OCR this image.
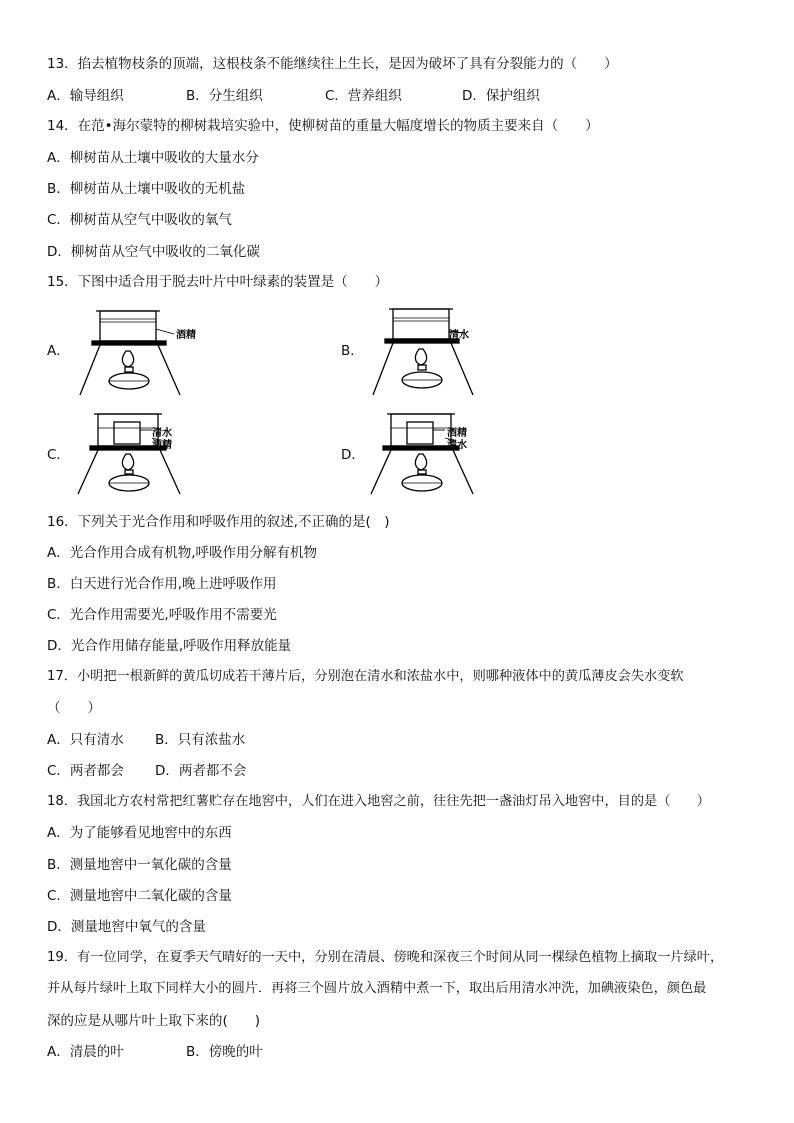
13．掐去植物枝条的顶端，这根枝条不能继续往上生长，是因为破坏了具有分裂能力的（　　）
A．输导组织	B．分生组织	C．营养组织	D．保护组织
14．在范•海尔蒙特的柳树栽培实验中，使柳树苗的重量大幅度增长的物质主要来自（　　）
A．柳树苗从土壤中吸收的大量水分
B．柳树苗从土壤中吸收的无机盐
C．柳树苗从空气中吸收的氧气
D．柳树苗从空气中吸收的二氧化碳
15．下图中适合用于脱去叶片中叶绿素的装置是（　　）
A．	B．
C．	D．
酒精	清水
清水
酒精
酒精
清水
16．下列关于光合作用和呼吸作用的叙述,不正确的是(　)
A．光合作用合成有机物,呼吸作用分解有机物
B．白天进行光合作用,晚上进呼吸作用
C．光合作用需要光,呼吸作用不需要光
D．光合作用储存能量,呼吸作用释放能量
17．小明把一根新鲜的黄瓜切成若干薄片后，分别泡在清水和浓盐水中，则哪种液体中的黄瓜薄皮会失水变软
（　　）
A．只有清水 B．只有浓盐水
C．两者都会 D．两者都不会
18．我国北方农村常把红薯贮存在地窖中，人们在进入地窖之前，往往先把一盏油灯吊入地窖中，目的是（　　）
A．为了能够看见地窖中的东西
B．测量地窖中一氧化碳的含量
C．测量地窖中二氧化碳的含量
D．测量地窖中氧气的含量
19．有一位同学，在夏季天气晴好的一天中，分别在清晨、傍晚和深夜三个时间从同一棵绿色植物上摘取一片绿叶，
并从每片绿叶上取下同样大小的圆片．再将三个圆片放入酒精中煮一下，取出后用清水冲洗，加碘液染色，颜色最
深的应是从哪片叶上取下来的(　　)
A．清晨的叶	B．傍晚的叶
